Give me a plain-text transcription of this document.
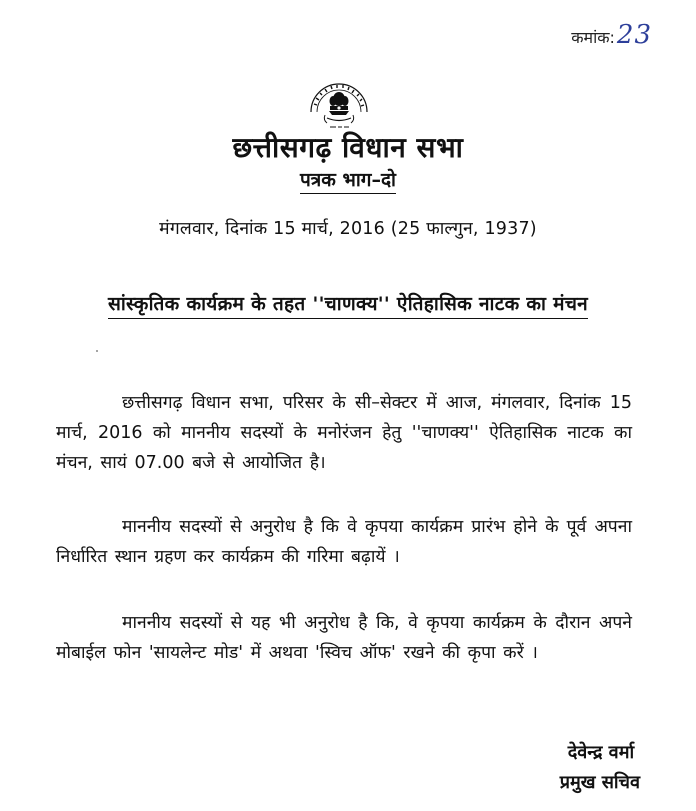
कमांक: 23
छत्तीसगढ़ विधान सभा
पत्रक भाग–दो
मंगलवार, दिनांक 15 मार्च, 2016 (25 फाल्गुन, 1937)
सांस्कृतिक कार्यक्रम के तहत ''चाणक्य'' ऐतिहासिक नाटक का मंचन

छत्तीसगढ़ विधान सभा, परिसर के सी–सेक्टर में आज, मंगलवार, दिनांक 15 मार्च, 2016 को माननीय सदस्यों के मनोरंजन हेतु ''चाणक्य'' ऐतिहासिक नाटक का मंचन, सायं 07.00 बजे से आयोजित है।

माननीय सदस्यों से अनुरोध है कि वे कृपया कार्यक्रम प्रारंभ होने के पूर्व अपना निर्धारित स्थान ग्रहण कर कार्यक्रम की गरिमा बढ़ायें ।

माननीय सदस्यों से यह भी अनुरोध है कि, वे कृपया कार्यक्रम के दौरान अपने मोबाईल फोन 'सायलेन्ट मोड' में अथवा 'स्विच ऑफ' रखने की कृपा करें ।

देवेन्द्र वर्मा
प्रमुख सचिव
